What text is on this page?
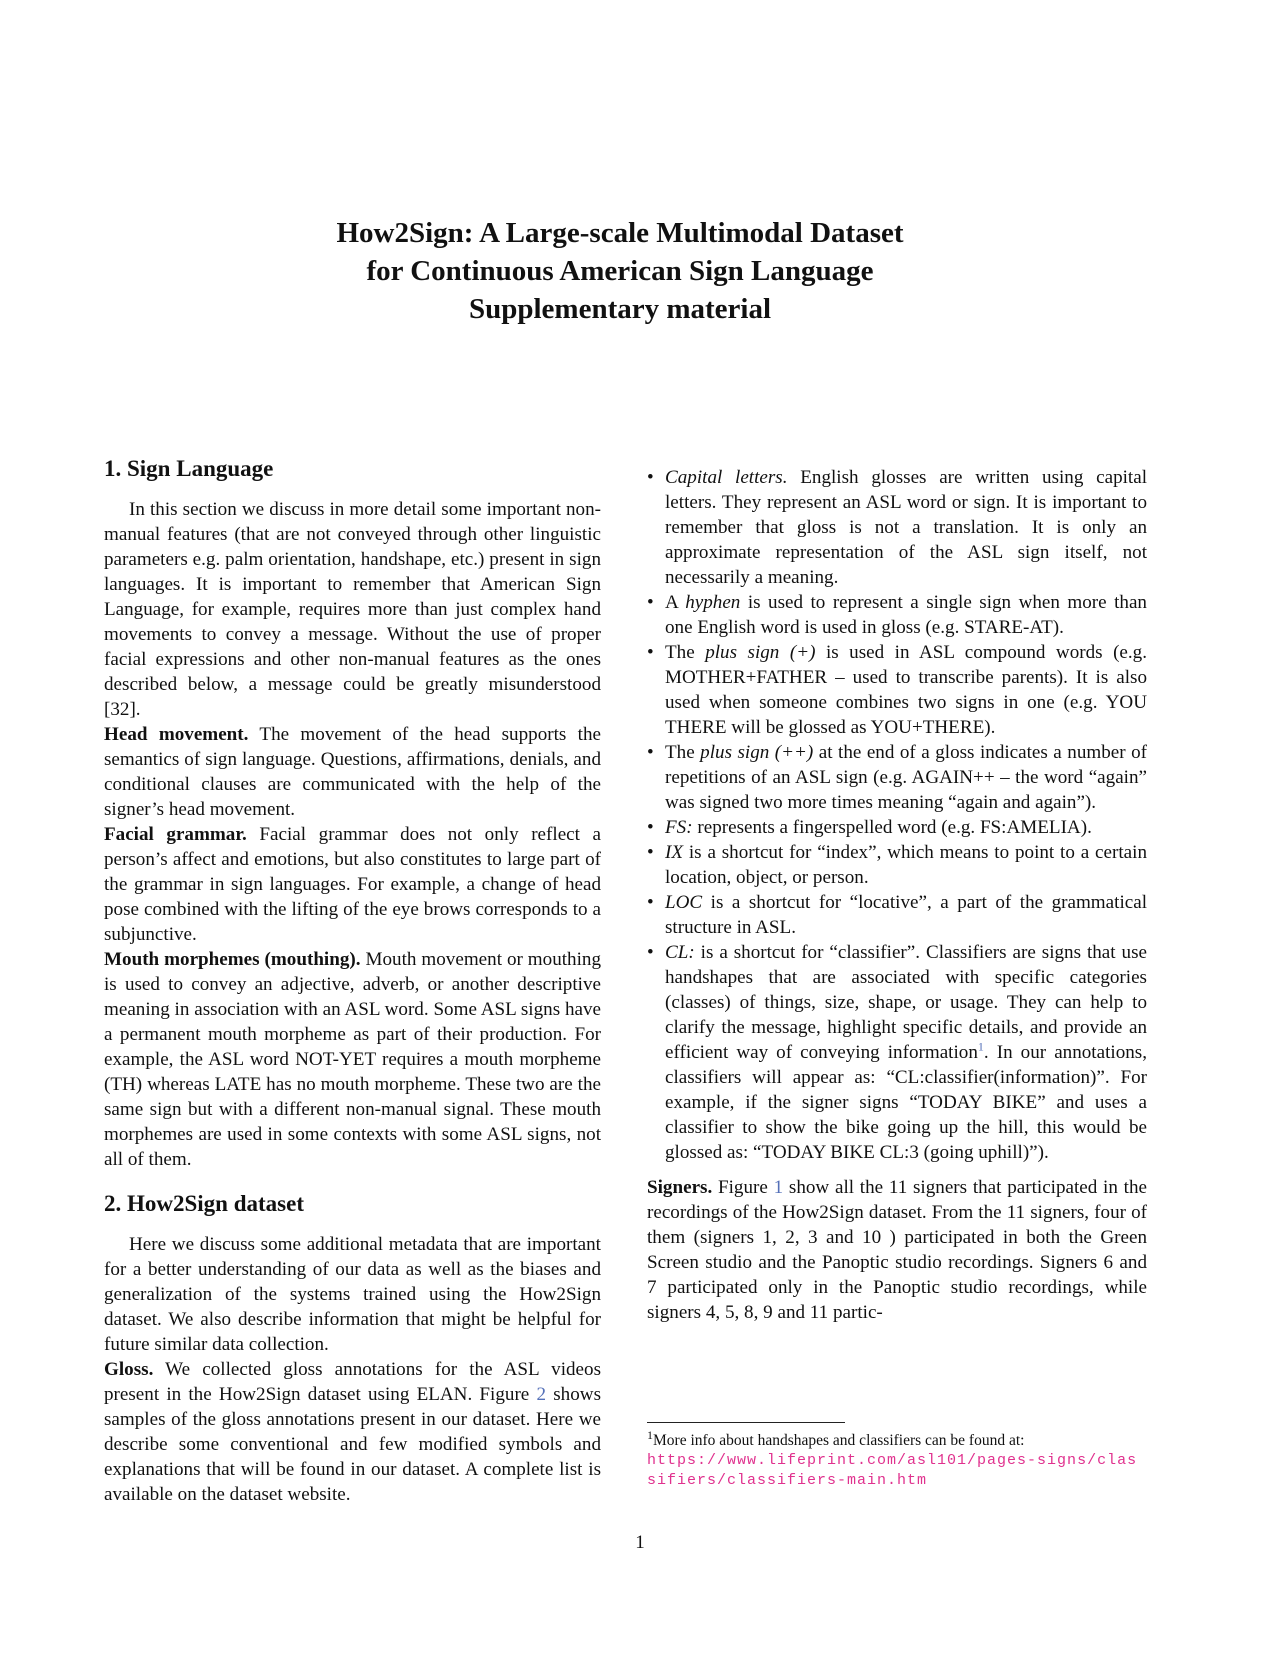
How2Sign: A Large-scale Multimodal Dataset
for Continuous American Sign Language
Supplementary material
1. Sign Language

In this section we discuss in more detail some important non-manual features (that are not conveyed through other linguistic parameters e.g. palm orientation, handshape, etc.) present in sign languages. It is important to remember that American Sign Language, for example, requires more than just complex hand movements to convey a message. Without the use of proper facial expressions and other non-manual features as the ones described below, a message could be greatly misunderstood [32].

Head movement. The movement of the head supports the semantics of sign language. Questions, affirmations, denials, and conditional clauses are communicated with the help of the signer’s head movement.

Facial grammar. Facial grammar does not only reflect a person’s affect and emotions, but also constitutes to large part of the grammar in sign languages. For example, a change of head pose combined with the lifting of the eye brows corresponds to a subjunctive.

Mouth morphemes (mouthing). Mouth movement or mouthing is used to convey an adjective, adverb, or another descriptive meaning in association with an ASL word. Some ASL signs have a permanent mouth morpheme as part of their production. For example, the ASL word NOT-YET requires a mouth morpheme (TH) whereas LATE has no mouth morpheme. These two are the same sign but with a different non-manual signal. These mouth morphemes are used in some contexts with some ASL signs, not all of them.

2. How2Sign dataset

Here we discuss some additional metadata that are important for a better understanding of our data as well as the biases and generalization of the systems trained using the How2Sign dataset. We also describe information that might be helpful for future similar data collection.

Gloss. We collected gloss annotations for the ASL videos present in the How2Sign dataset using ELAN. Figure 2 shows samples of the gloss annotations present in our dataset. Here we describe some conventional and few modified symbols and explanations that will be found in our dataset. A complete list is available on the dataset website.

• Capital letters. English glosses are written using capital letters. They represent an ASL word or sign. It is important to remember that gloss is not a translation. It is only an approximate representation of the ASL sign itself, not necessarily a meaning.
• A hyphen is used to represent a single sign when more than one English word is used in gloss (e.g. STARE-AT).
• The plus sign (+) is used in ASL compound words (e.g. MOTHER+FATHER – used to transcribe parents). It is also used when someone combines two signs in one (e.g. YOU THERE will be glossed as YOU+THERE).
• The plus sign (++) at the end of a gloss indicates a number of repetitions of an ASL sign (e.g. AGAIN++ – the word “again” was signed two more times meaning “again and again”).
• FS: represents a fingerspelled word (e.g. FS:AMELIA).
• IX is a shortcut for “index”, which means to point to a certain location, object, or person.
• LOC is a shortcut for “locative”, a part of the grammatical structure in ASL.
• CL: is a shortcut for “classifier”. Classifiers are signs that use handshapes that are associated with specific categories (classes) of things, size, shape, or usage. They can help to clarify the message, highlight specific details, and provide an efficient way of conveying information$^1$. In our annotations, classifiers will appear as: “CL:classifier(information)”. For example, if the signer signs “TODAY BIKE” and uses a classifier to show the bike going up the hill, this would be glossed as: “TODAY BIKE CL:3 (going uphill)”).

Signers. Figure 1 show all the 11 signers that participated in the recordings of the How2Sign dataset. From the 11 signers, four of them (signers 1, 2, 3 and 10 ) participated in both the Green Screen studio and the Panoptic studio recordings. Signers 6 and 7 participated only in the Panoptic studio recordings, while signers 4, 5, 8, 9 and 11 partic-

$^1$More info about handshapes and classifiers can be found at:
https://www.lifeprint.com/asl101/pages-signs/classifiers/classifiers-main.htm
1
